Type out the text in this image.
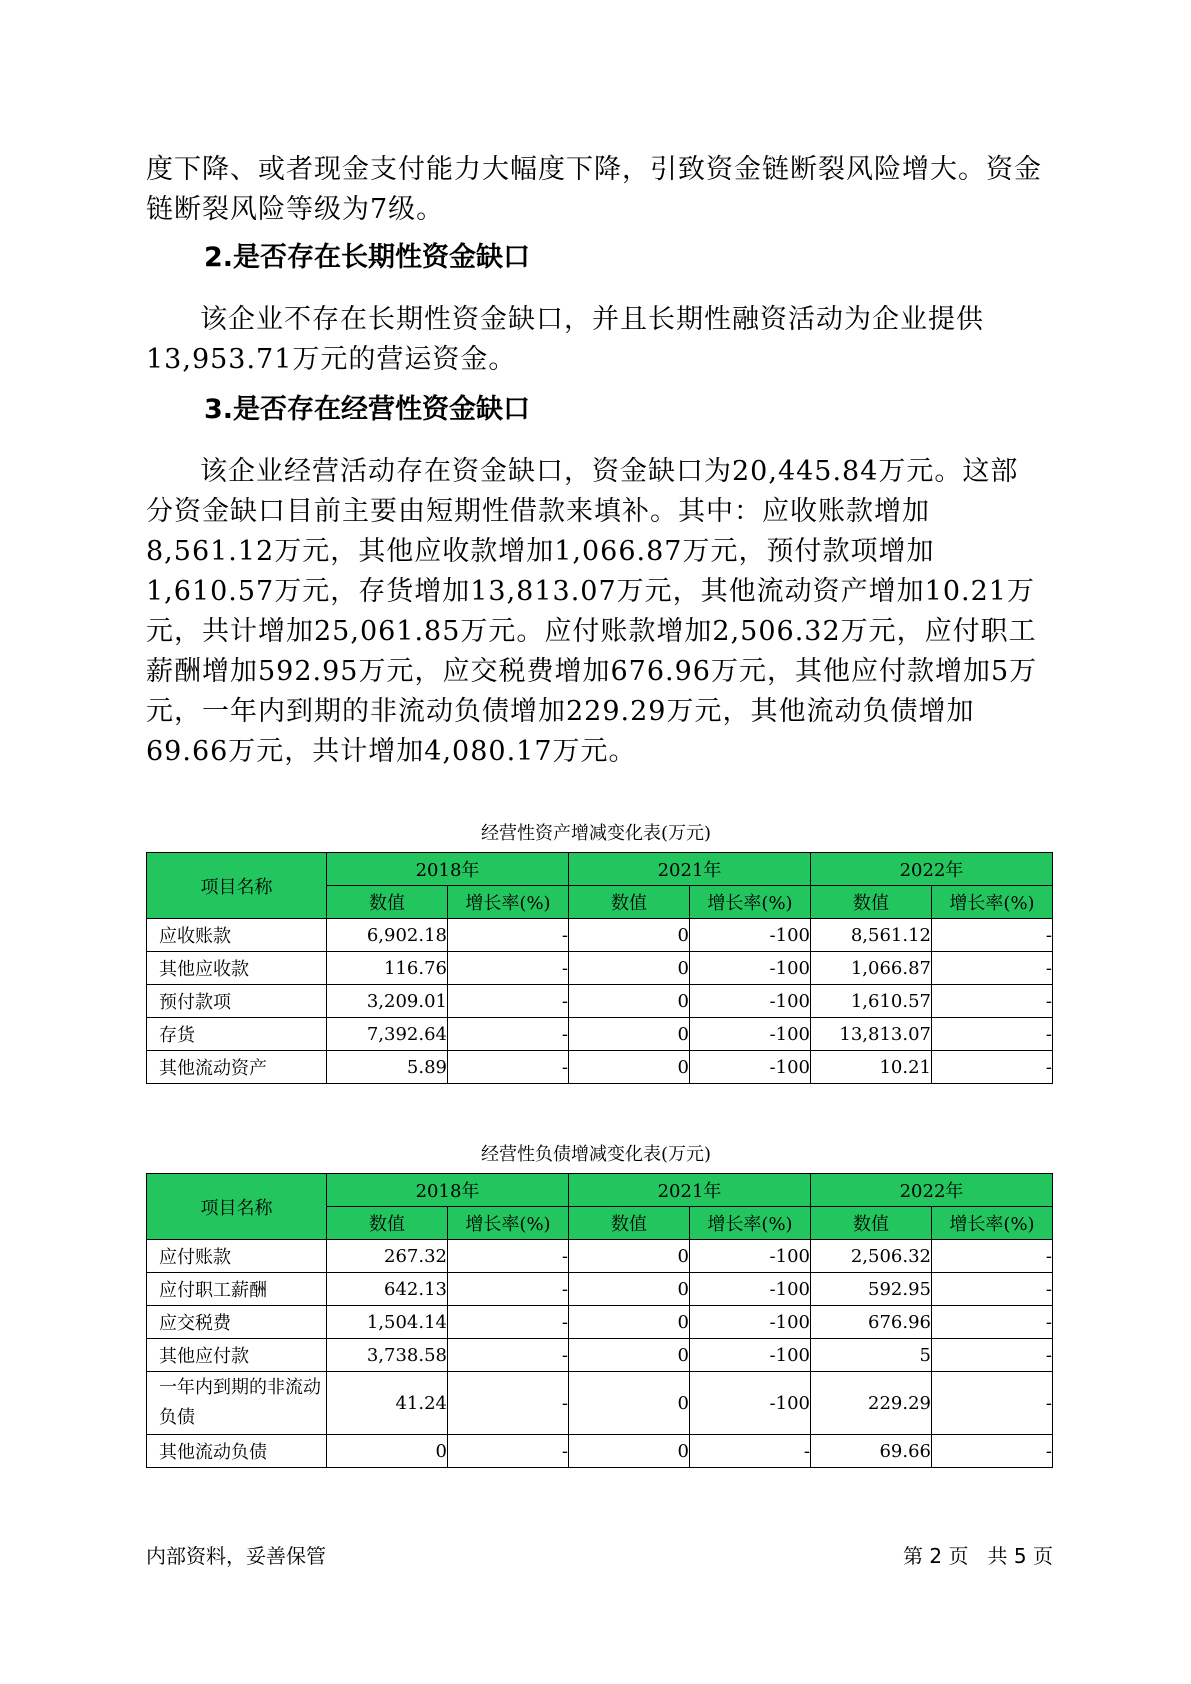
度下降、或者现金支付能力大幅度下降，引致资金链断裂风险增大。资金链断裂风险等级为7级。

2.是否存在长期性资金缺口

该企业不存在长期性资金缺口，并且长期性融资活动为企业提供13,953.71万元的营运资金。

3.是否存在经营性资金缺口

该企业经营活动存在资金缺口，资金缺口为20,445.84万元。这部分资金缺口目前主要由短期性借款来填补。其中：应收账款增加8,561.12万元，其他应收款增加1,066.87万元，预付款项增加1,610.57万元，存货增加13,813.07万元，其他流动资产增加10.21万元，共计增加25,061.85万元。应付账款增加2,506.32万元，应付职工薪酬增加592.95万元，应交税费增加676.96万元，其他应付款增加5万元，一年内到期的非流动负债增加229.29万元，其他流动负债增加69.66万元，共计增加4,080.17万元。

经营性资产增减变化表(万元)
项目名称	2018年		2021年		2022年	
	数值	增长率(%)	数值	增长率(%)	数值	增长率(%)
应收账款	6,902.18	-	0	-100	8,561.12	-
其他应收款	116.76	-	0	-100	1,066.87	-
预付款项	3,209.01	-	0	-100	1,610.57	-
存货	7,392.64	-	0	-100	13,813.07	-
其他流动资产	5.89	-	0	-100	10.21	-
经营性负债增减变化表(万元)
项目名称	2018年		2021年		2022年	
	数值	增长率(%)	数值	增长率(%)	数值	增长率(%)
应付账款	267.32	-	0	-100	2,506.32	-
应付职工薪酬	642.13	-	0	-100	592.95	-
应交税费	1,504.14	-	0	-100	676.96	-
其他应付款	3,738.58	-	0	-100	5	-
一年内到期的非流动负债	41.24	-	0	-100	229.29	-
其他流动负债	0	-	0	-	69.66	-
内部资料，妥善保管	第 2 页   共 5 页
